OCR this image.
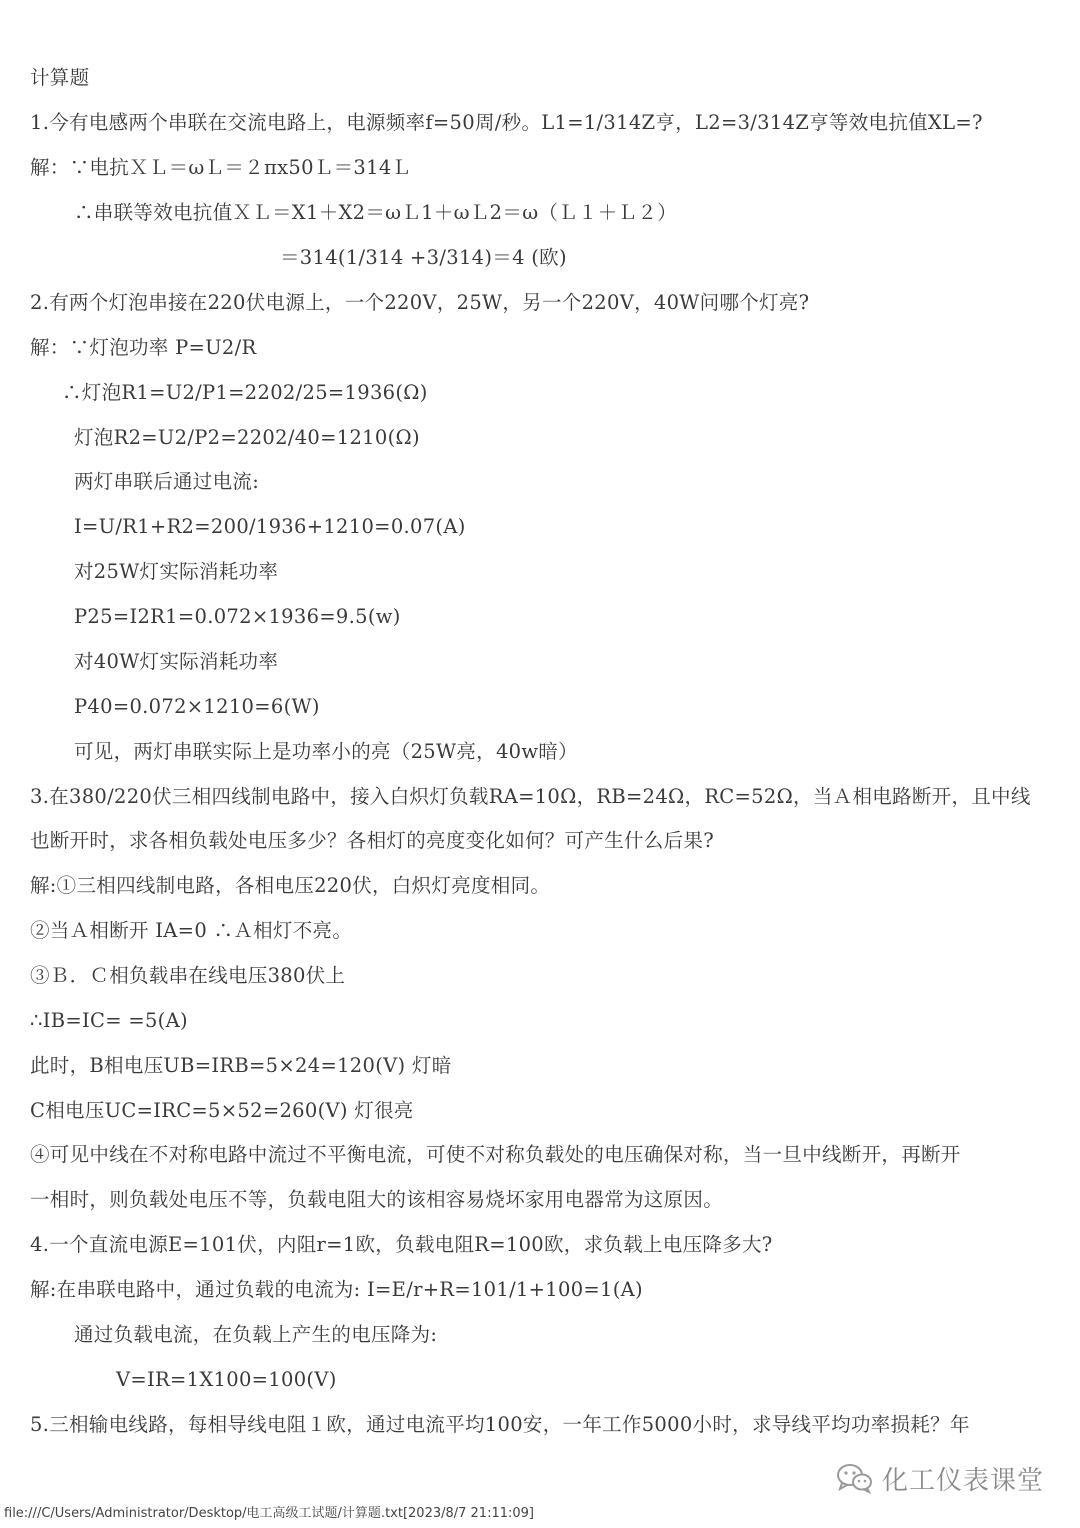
计算题
1.今有电感两个串联在交流电路上，电源频率f=50周/秒。L1=1/314Z亨，L2=3/314Z亨等效电抗值XL=?
解：∵电抗ＸＬ＝ωＬ＝２πx50Ｌ＝314Ｌ
∴串联等效电抗值ＸＬ＝X1＋X2＝ωＬ1＋ωＬ2＝ω（Ｌ１＋Ｌ２）
＝314(1/314 +3/314)＝4 (欧)
2.有两个灯泡串接在220伏电源上，一个220V，25W，另一个220V，40W问哪个灯亮?
解：∵灯泡功率 P=U2/R
∴灯泡R1=U2/P1=2202/25=1936(Ω)
灯泡R2=U2/P2=2202/40=1210(Ω)
两灯串联后通过电流:
I=U/R1+R2=200/1936+1210=0.07(A)
对25W灯实际消耗功率
P25=I2R1=0.072×1936=9.5(w)
对40W灯实际消耗功率
P40=0.072×1210=6(W)
可见，两灯串联实际上是功率小的亮（25W亮，40w暗）
3.在380/220伏三相四线制电路中，接入白炽灯负载RA=10Ω，RB=24Ω，RC=52Ω，当Ａ相电路断开，且中线
也断开时，求各相负载处电压多少？各相灯的亮度变化如何？可产生什么后果?
解:①三相四线制电路，各相电压220伏，白炽灯亮度相同。
②当Ａ相断开 IA=0 ∴Ａ相灯不亮。
③Ｂ．Ｃ相负载串在线电压380伏上
∴IB=IC= =5(A)
此时，B相电压UB=IRB=5×24=120(V) 灯暗
C相电压UC=IRC=5×52=260(V) 灯很亮
④可见中线在不对称电路中流过不平衡电流，可使不对称负载处的电压确保对称，当一旦中线断开，再断开
一相时，则负载处电压不等，负载电阻大的该相容易烧坏家用电器常为这原因。
4.一个直流电源E=101伏，内阻r=1欧，负载电阻R=100欧，求负载上电压降多大?
解:在串联电路中，通过负载的电流为: I=E/r+R=101/1+100=1(A)
通过负载电流，在负载上产生的电压降为:
V=IR=1X100=100(V)
5.三相输电线路，每相导线电阻１欧，通过电流平均100安，一年工作5000小时，求导线平均功率损耗？年
化工仪表课堂
file:///C/Users/Administrator/Desktop/电工高级工试题/计算题.txt[2023/8/7 21:11:09]
